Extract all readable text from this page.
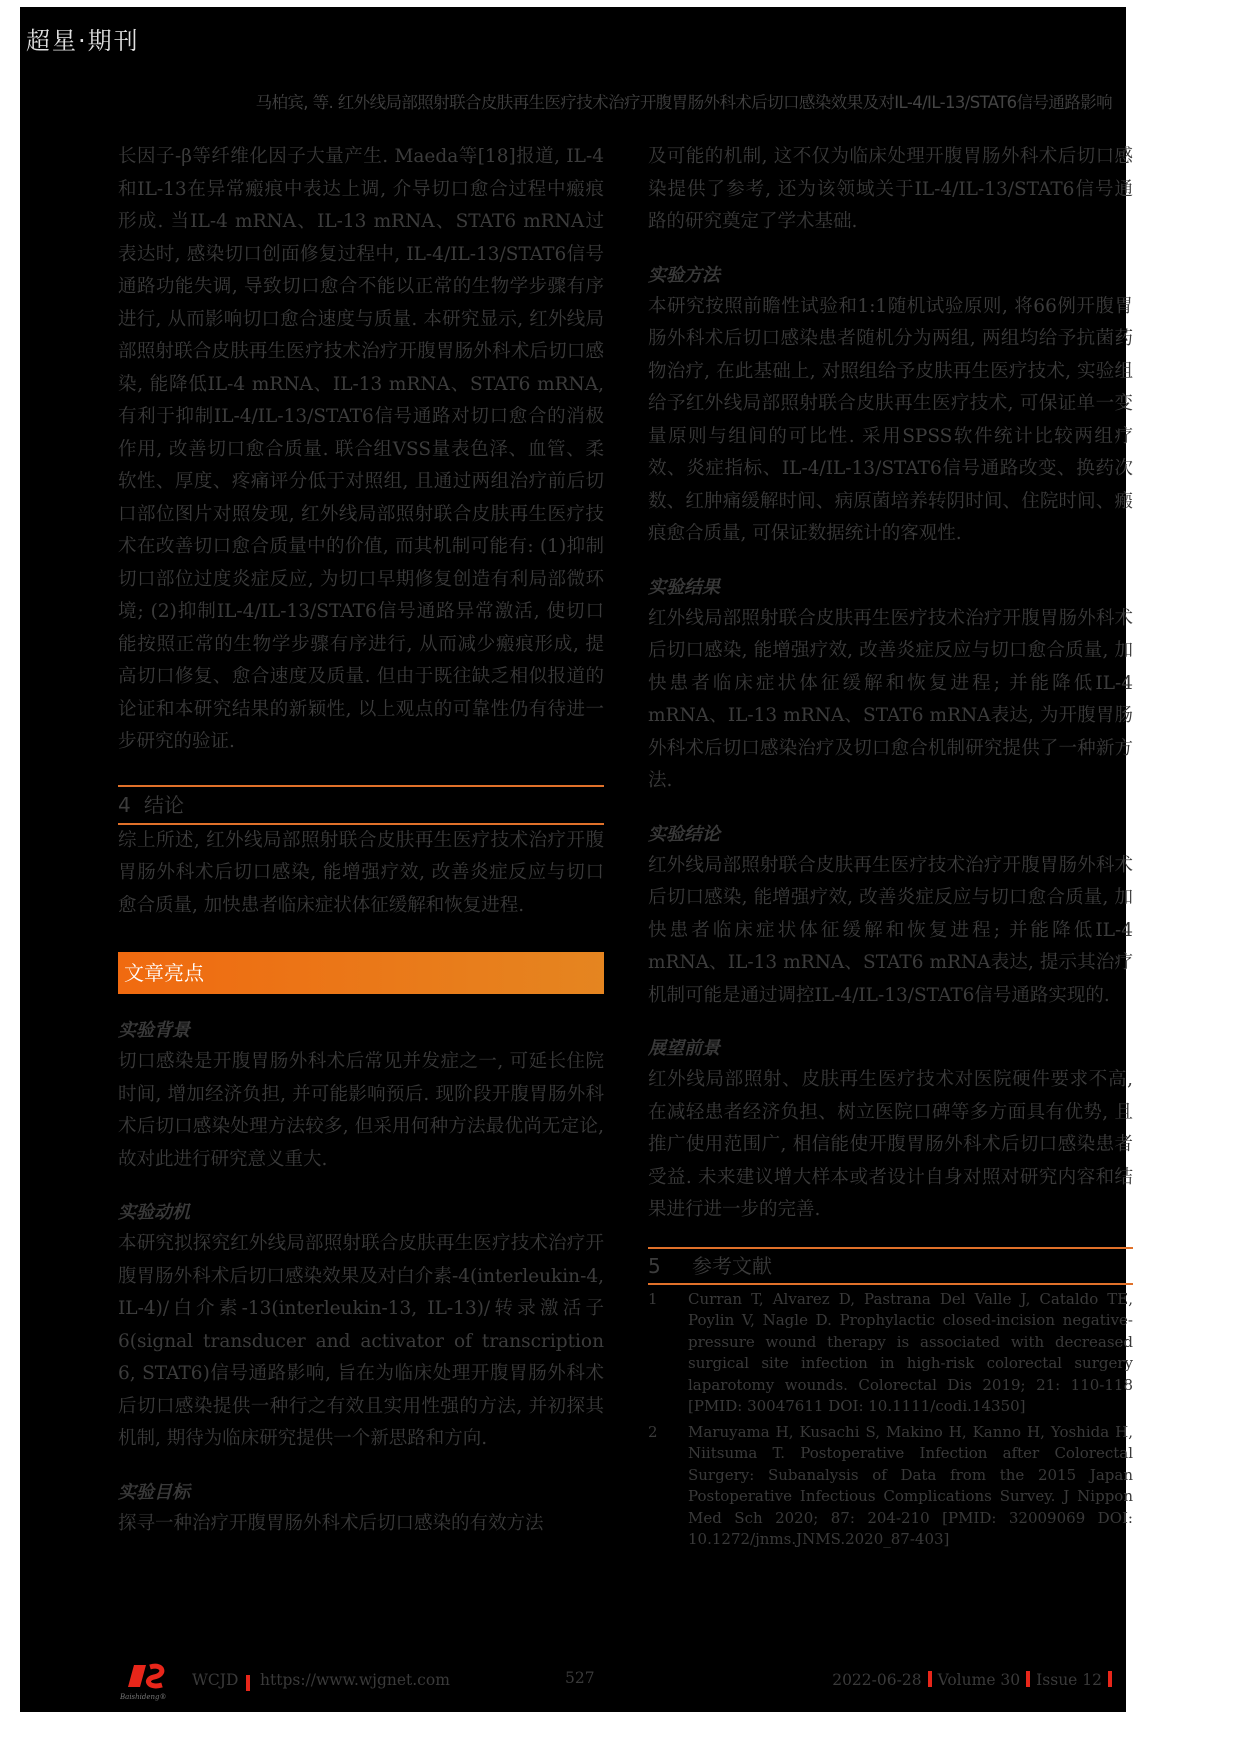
超星·期刊
马柏宾, 等. 红外线局部照射联合皮肤再生医疗技术治疗开腹胃肠外科术后切口感染效果及对IL-4/IL-13/STAT6信号通路影响

长因子-β等纤维化因子大量产生. Maeda等[18]报道, IL-4和IL-13在异常瘢痕中表达上调, 介导切口愈合过程中瘢痕形成. 当IL-4 mRNA、IL-13 mRNA、STAT6 mRNA过表达时, 感染切口创面修复过程中, IL-4/IL-13/STAT6信号通路功能失调, 导致切口愈合不能以正常的生物学步骤有序进行, 从而影响切口愈合速度与质量. 本研究显示, 红外线局部照射联合皮肤再生医疗技术治疗开腹胃肠外科术后切口感染, 能降低IL-4 mRNA、IL-13 mRNA、STAT6 mRNA, 有利于抑制IL-4/IL-13/STAT6信号通路对切口愈合的消极作用, 改善切口愈合质量. 联合组VSS量表色泽、血管、柔软性、厚度、疼痛评分低于对照组, 且通过两组治疗前后切口部位图片对照发现, 红外线局部照射联合皮肤再生医疗技术在改善切口愈合质量中的价值, 而其机制可能有: (1)抑制切口部位过度炎症反应, 为切口早期修复创造有利局部微环境; (2)抑制IL-4/IL-13/STAT6信号通路异常激活, 使切口能按照正常的生物学步骤有序进行, 从而减少瘢痕形成, 提高切口修复、愈合速度及质量. 但由于既往缺乏相似报道的论证和本研究结果的新颖性, 以上观点的可靠性仍有待进一步研究的验证.

4 结论

综上所述, 红外线局部照射联合皮肤再生医疗技术治疗开腹胃肠外科术后切口感染, 能增强疗效, 改善炎症反应与切口愈合质量, 加快患者临床症状体征缓解和恢复进程.

文章亮点
实验背景

切口感染是开腹胃肠外科术后常见并发症之一, 可延长住院时间, 增加经济负担, 并可能影响预后. 现阶段开腹胃肠外科术后切口感染处理方法较多, 但采用何种方法最优尚无定论, 故对此进行研究意义重大.

实验动机

本研究拟探究红外线局部照射联合皮肤再生医疗技术治疗开腹胃肠外科术后切口感染效果及对白介素-4(interleukin-4, IL-4)/白介素-13(interleukin-13, IL-13)/转录激活子6(signal transducer and activator of transcription 6, STAT6)信号通路影响, 旨在为临床处理开腹胃肠外科术后切口感染提供一种行之有效且实用性强的方法, 并初探其机制, 期待为临床研究提供一个新思路和方向.

实验目标

探寻一种治疗开腹胃肠外科术后切口感染的有效方法

及可能的机制, 这不仅为临床处理开腹胃肠外科术后切口感染提供了参考, 还为该领域关于IL-4/IL-13/STAT6信号通路的研究奠定了学术基础.

实验方法

本研究按照前瞻性试验和1:1随机试验原则, 将66例开腹胃肠外科术后切口感染患者随机分为两组, 两组均给予抗菌药物治疗, 在此基础上, 对照组给予皮肤再生医疗技术, 实验组给予红外线局部照射联合皮肤再生医疗技术, 可保证单一变量原则与组间的可比性. 采用SPSS软件统计比较两组疗效、炎症指标、IL-4/IL-13/STAT6信号通路改变、换药次数、红肿痛缓解时间、病原菌培养转阴时间、住院时间、瘢痕愈合质量, 可保证数据统计的客观性.

实验结果

红外线局部照射联合皮肤再生医疗技术治疗开腹胃肠外科术后切口感染, 能增强疗效, 改善炎症反应与切口愈合质量, 加快患者临床症状体征缓解和恢复进程; 并能降低IL-4 mRNA、IL-13 mRNA、STAT6 mRNA表达, 为开腹胃肠外科术后切口感染治疗及切口愈合机制研究提供了一种新方法.

实验结论

红外线局部照射联合皮肤再生医疗技术治疗开腹胃肠外科术后切口感染, 能增强疗效, 改善炎症反应与切口愈合质量, 加快患者临床症状体征缓解和恢复进程; 并能降低IL-4 mRNA、IL-13 mRNA、STAT6 mRNA表达, 提示其治疗机制可能是通过调控IL-4/IL-13/STAT6信号通路实现的.

展望前景

红外线局部照射、皮肤再生医疗技术对医院硬件要求不高, 在减轻患者经济负担、树立医院口碑等多方面具有优势, 且推广使用范围广, 相信能使开腹胃肠外科术后切口感染患者受益. 未来建议增大样本或者设计自身对照对研究内容和结果进行进一步的完善.

5 参考文献
1	Curran T, Alvarez D, Pastrana Del Valle J, Cataldo TE, Poylin V, Nagle D. Prophylactic closed-incision negative-pressure wound therapy is associated with decreased surgical site infection in high-risk colorectal surgery laparotomy wounds. Colorectal Dis 2019; 21: 110-118 [PMID: 30047611 DOI: 10.1111/codi.14350]
2	Maruyama H, Kusachi S, Makino H, Kanno H, Yoshida H, Niitsuma T. Postoperative Infection after Colorectal Surgery: Subanalysis of Data from the 2015 Japan Postoperative Infectious Complications Survey. J Nippon Med Sch 2020; 87: 204-210 [PMID: 32009069 DOI: 10.1272/jnms.JNMS.2020_87-403]
Baishideng®
WCJD https://www.wjgnet.com	527	2022-06-28 Volume 30 Issue 12
